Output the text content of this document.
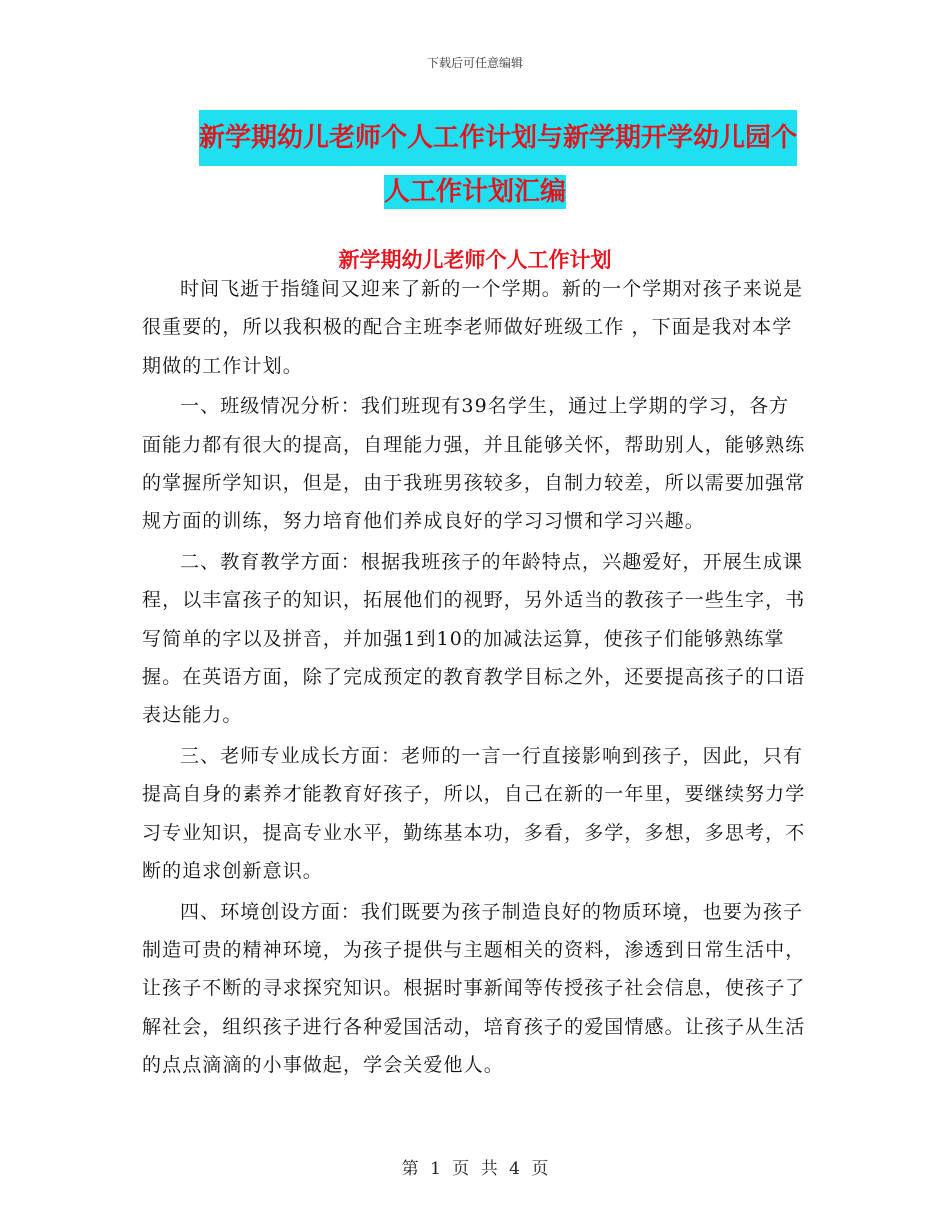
下载后可任意编辑
新学期幼儿老师个人工作计划与新学期开学幼儿园个
人工作计划汇编
新学期幼儿老师个人工作计划

时间飞逝于指缝间又迎来了新的一个学期。新的一个学期对孩子来说是很重要的，所以我积极的配合主班李老师做好班级工作 ，下面是我对本学期做的工作计划。

一、班级情况分析：我们班现有39名学生，通过上学期的学习，各方面能力都有很大的提高，自理能力强，并且能够关怀，帮助别人，能够熟练的掌握所学知识，但是，由于我班男孩较多，自制力较差，所以需要加强常规方面的训练，努力培育他们养成良好的学习习惯和学习兴趣。

二、教育教学方面：根据我班孩子的年龄特点，兴趣爱好，开展生成课程，以丰富孩子的知识，拓展他们的视野，另外适当的教孩子一些生字，书写简单的字以及拼音，并加强1到10的加减法运算，使孩子们能够熟练掌握。在英语方面，除了完成预定的教育教学目标之外，还要提高孩子的口语表达能力。

三、老师专业成长方面：老师的一言一行直接影响到孩子，因此，只有提高自身的素养才能教育好孩子，所以，自己在新的一年里，要继续努力学习专业知识，提高专业水平，勤练基本功，多看，多学，多想，多思考，不断的追求创新意识。

四、环境创设方面：我们既要为孩子制造良好的物质环境，也要为孩子制造可贵的精神环境，为孩子提供与主题相关的资料，渗透到日常生活中，让孩子不断的寻求探究知识。根据时事新闻等传授孩子社会信息，使孩子了解社会，组织孩子进行各种爱国活动，培育孩子的爱国情感。让孩子从生活的点点滴滴的小事做起，学会关爱他人。

第 1 页 共 4 页
